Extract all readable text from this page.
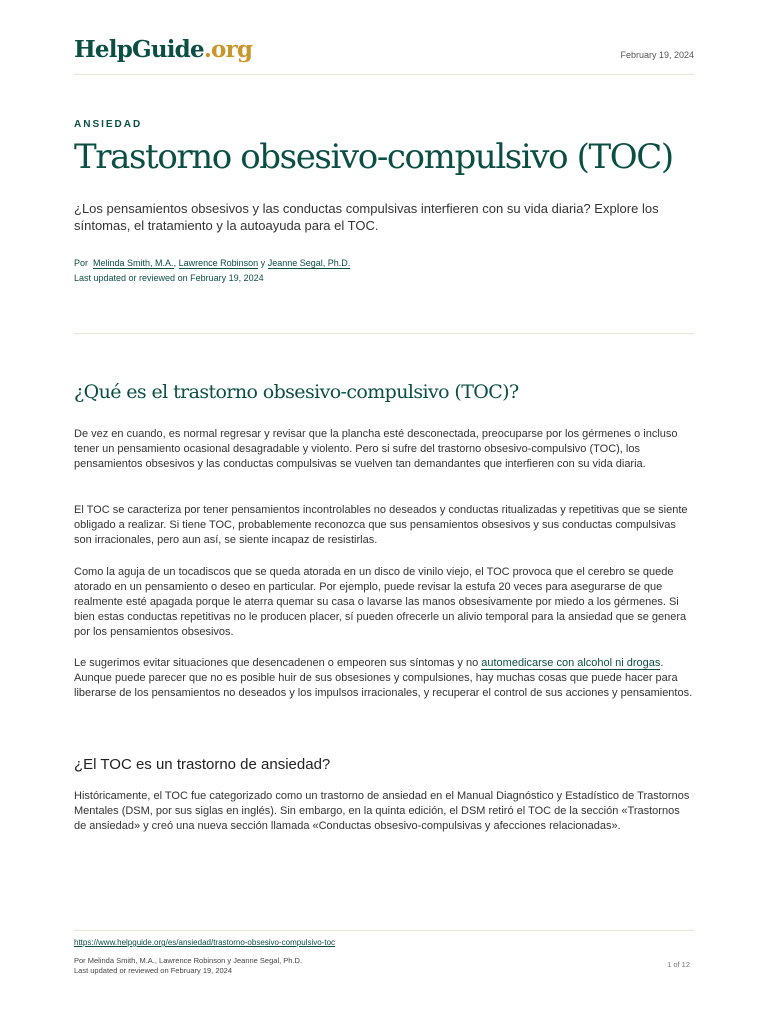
HelpGuide.org	February 19, 2024
ANSIEDAD
Trastorno obsesivo-compulsivo (TOC)

¿Los pensamientos obsesivos y las conductas compulsivas interfieren con su vida diaria? Explore los síntomas, el tratamiento y la autoayuda para el TOC.

Por Melinda Smith, M.A., Lawrence Robinson y Jeanne Segal, Ph.D.
Last updated or reviewed on February 19, 2024
¿Qué es el trastorno obsesivo-compulsivo (TOC)?

De vez en cuando, es normal regresar y revisar que la plancha esté desconectada, preocuparse por los gérmenes o incluso tener un pensamiento ocasional desagradable y violento. Pero si sufre del trastorno obsesivo-compulsivo (TOC), los pensamientos obsesivos y las conductas compulsivas se vuelven tan demandantes que interfieren con su vida diaria.

El TOC se caracteriza por tener pensamientos incontrolables no deseados y conductas ritualizadas y repetitivas que se siente obligado a realizar. Si tiene TOC, probablemente reconozca que sus pensamientos obsesivos y sus conductas compulsivas son irracionales, pero aun así, se siente incapaz de resistirlas.

Como la aguja de un tocadiscos que se queda atorada en un disco de vinilo viejo, el TOC provoca que el cerebro se quede atorado en un pensamiento o deseo en particular. Por ejemplo, puede revisar la estufa 20 veces para asegurarse de que realmente esté apagada porque le aterra quemar su casa o lavarse las manos obsesivamente por miedo a los gérmenes. Si bien estas conductas repetitivas no le producen placer, sí pueden ofrecerle un alivio temporal para la ansiedad que se genera por los pensamientos obsesivos.

Le sugerimos evitar situaciones que desencadenen o empeoren sus síntomas y no automedicarse con alcohol ni drogas. Aunque puede parecer que no es posible huir de sus obsesiones y compulsiones, hay muchas cosas que puede hacer para liberarse de los pensamientos no deseados y los impulsos irracionales, y recuperar el control de sus acciones y pensamientos.

¿El TOC es un trastorno de ansiedad?

Históricamente, el TOC fue categorizado como un trastorno de ansiedad en el Manual Diagnóstico y Estadístico de Trastornos Mentales (DSM, por sus siglas en inglés). Sin embargo, en la quinta edición, el DSM retiró el TOC de la sección «Trastornos de ansiedad» y creó una nueva sección llamada «Conductas obsesivo-compulsivas y afecciones relacionadas».

https://www.helpguide.org/es/ansiedad/trastorno-obsesivo-compulsivo-toc
Por Melinda Smith, M.A., Lawrence Robinson y Jeanne Segal, Ph.D.
Last updated or reviewed on February 19, 2024
1 of 12
